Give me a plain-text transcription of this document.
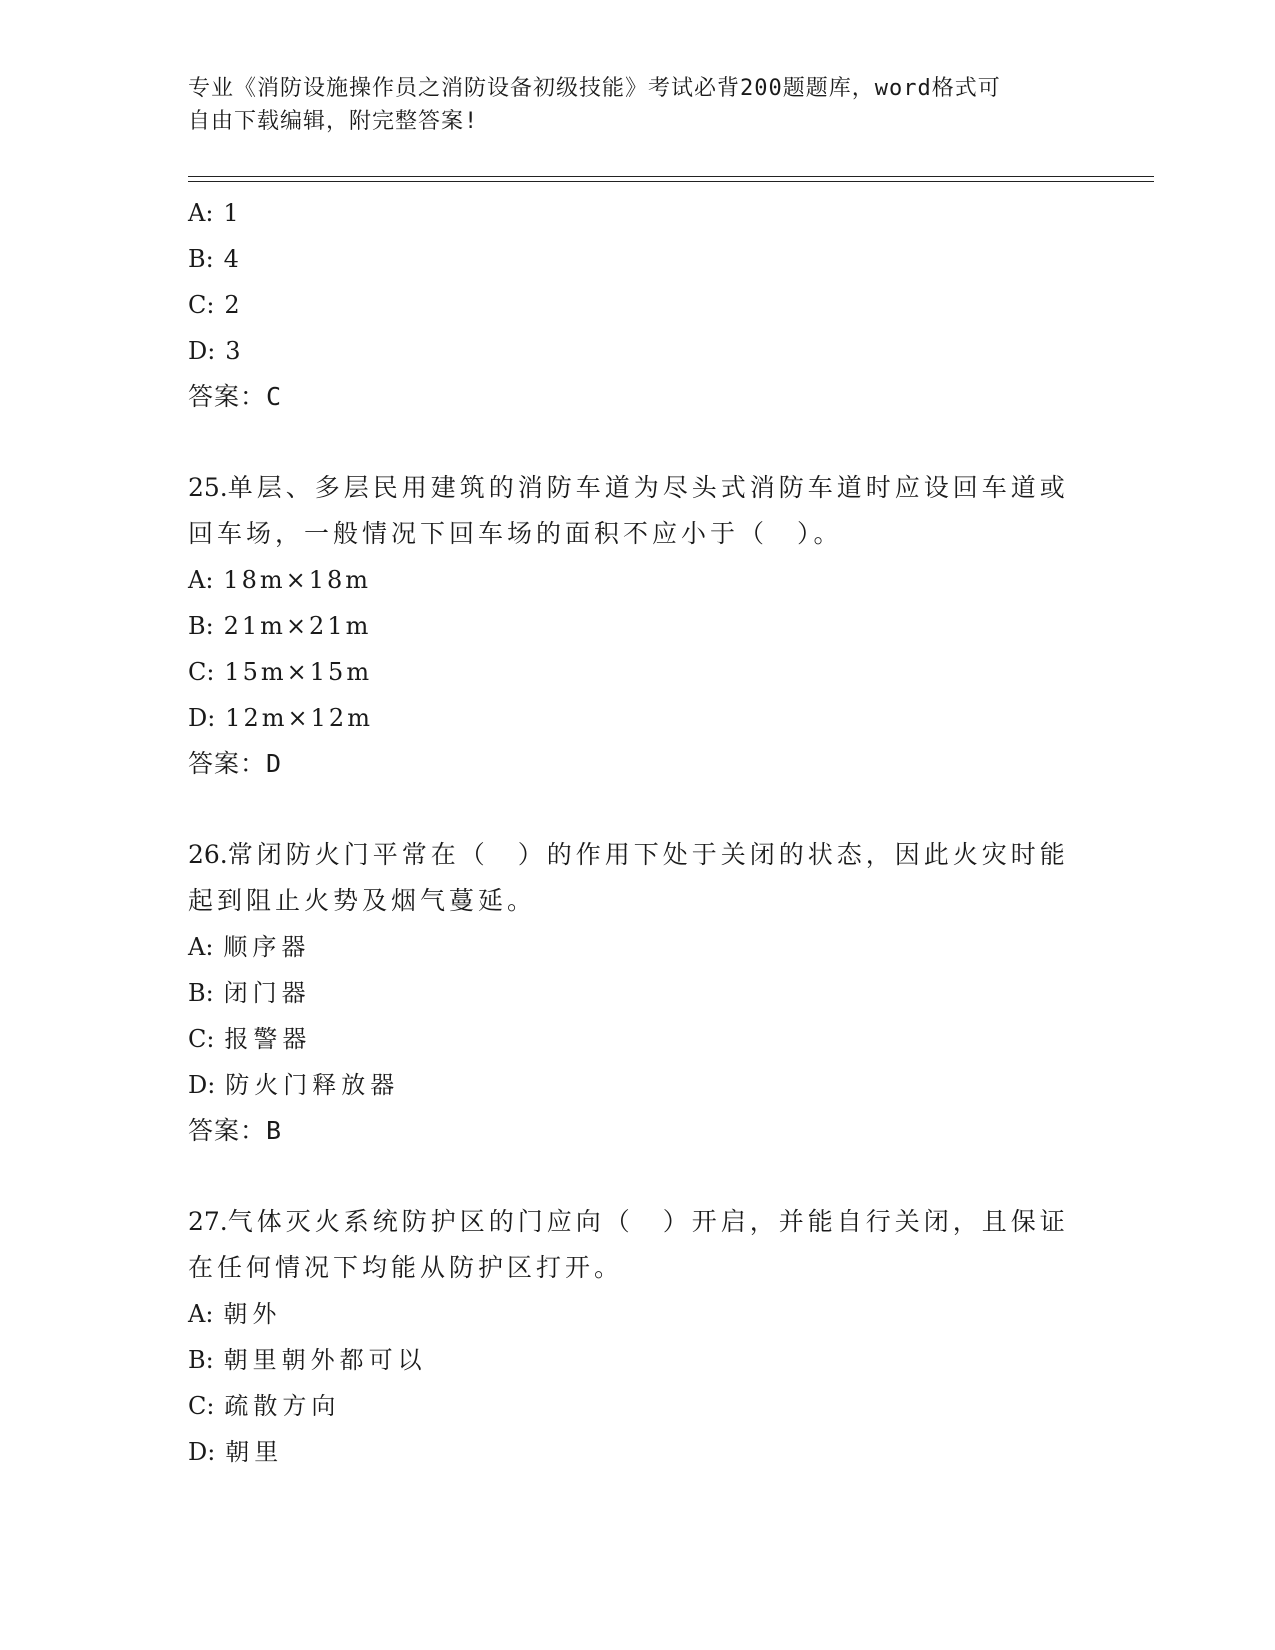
专业《消防设施操作员之消防设备初级技能》考试必背200题题库，word格式可
自由下载编辑，附完整答案!
A: 1
B: 4
C: 2
D: 3
答案：C
25.单层、多层民用建筑的消防车道为尽头式消防车道时应设回车道或
回车场，一般情况下回车场的面积不应小于（　）。
A: 18m×18m
B: 21m×21m
C: 15m×15m
D: 12m×12m
答案：D
26.常闭防火门平常在（　）的作用下处于关闭的状态，因此火灾时能
起到阻止火势及烟气蔓延。
A: 顺序器
B: 闭门器
C: 报警器
D: 防火门释放器
答案：B
27.气体灭火系统防护区的门应向（　）开启，并能自行关闭，且保证
在任何情况下均能从防护区打开。
A: 朝外
B: 朝里朝外都可以
C: 疏散方向
D: 朝里
